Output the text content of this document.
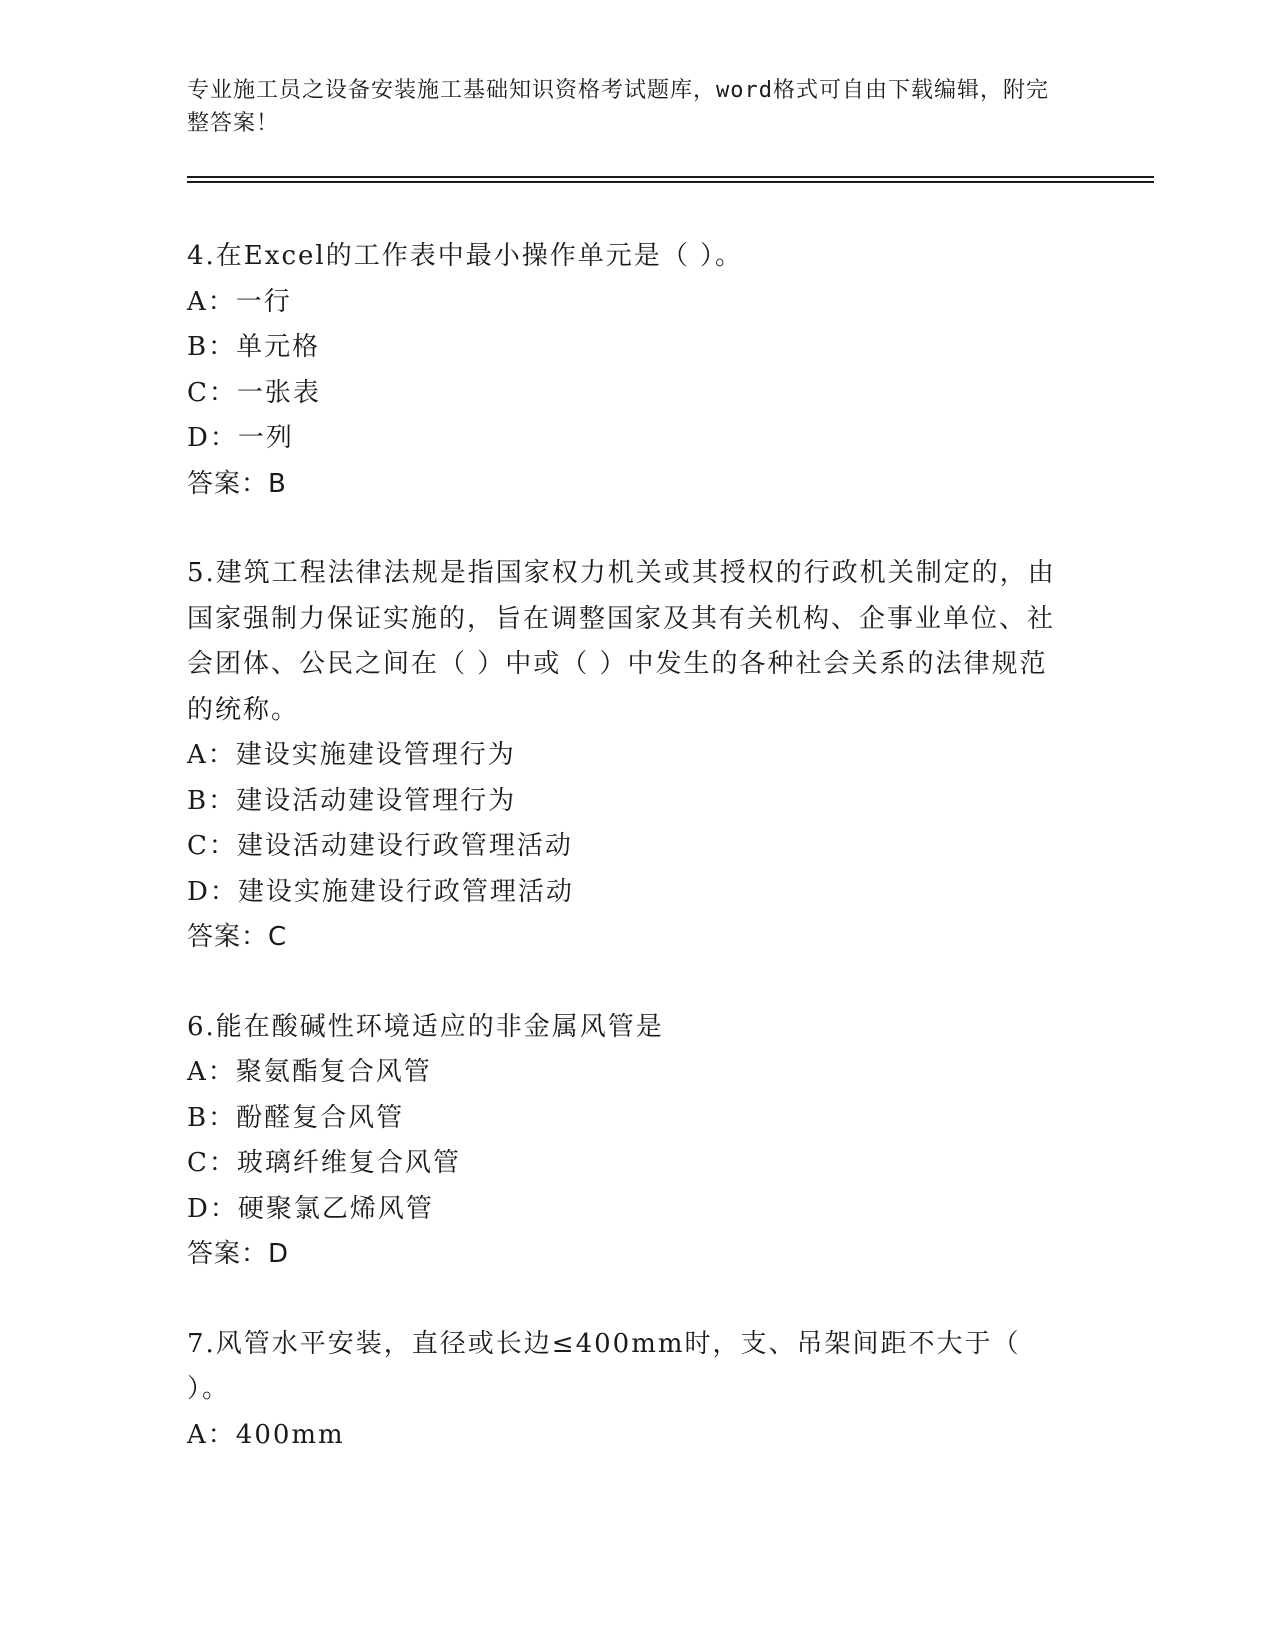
专业施工员之设备安装施工基础知识资格考试题库，word格式可自由下载编辑，附完整答案！

4.在Excel的工作表中最小操作单元是（ ）。

A：一行

B：单元格

C：一张表

D：一列

答案：B

5.建筑工程法律法规是指国家权力机关或其授权的行政机关制定的，由国家强制力保证实施的，旨在调整国家及其有关机构、企事业单位、社会团体、公民之间在（ ）中或（ ）中发生的各种社会关系的法律规范的统称。

A：建设实施建设管理行为

B：建设活动建设管理行为

C：建设活动建设行政管理活动

D：建设实施建设行政管理活动

答案：C

6.能在酸碱性环境适应的非金属风管是

A：聚氨酯复合风管

B：酚醛复合风管

C：玻璃纤维复合风管

D：硬聚氯乙烯风管

答案：D

7.风管水平安装，直径或长边≤400mm时，支、吊架间距不大于（ ）。

A：400mm
